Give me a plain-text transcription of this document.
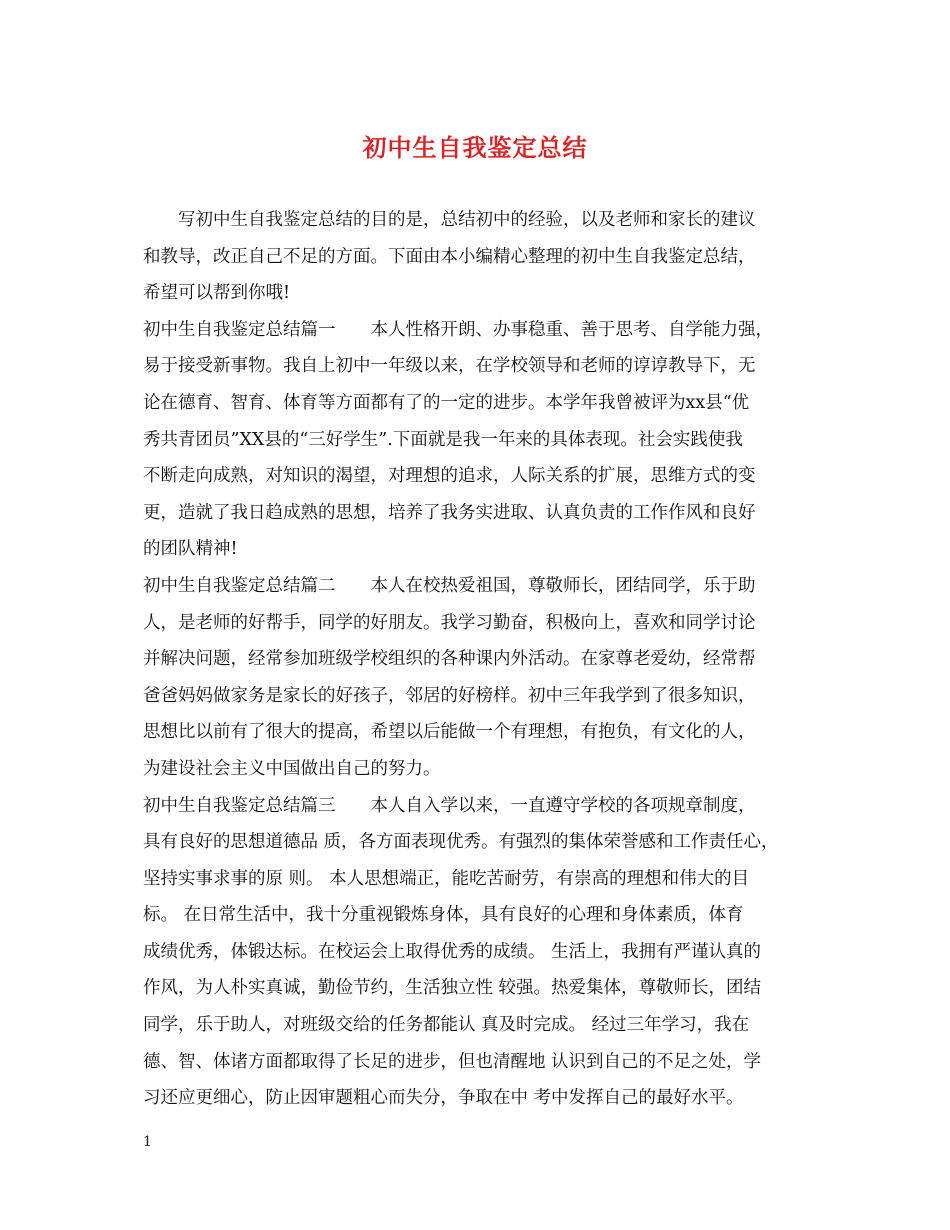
初中生自我鉴定总结
写初中生自我鉴定总结的目的是，总结初中的经验，以及老师和家长的建议
和教导，改正自己不足的方面。下面由本小编精心整理的初中生自我鉴定总结，
希望可以帮到你哦!
初中生自我鉴定总结篇一　　本人性格开朗、办事稳重、善于思考、自学能力强，
易于接受新事物。我自上初中一年级以来，在学校领导和老师的谆谆教导下，无
论在德育、智育、体育等方面都有了的一定的进步。本学年我曾被评为xx县“优
秀共青团员”XX县的“三好学生”.下面就是我一年来的具体表现。社会实践使我
不断走向成熟，对知识的渴望，对理想的追求，人际关系的扩展，思维方式的变
更，造就了我日趋成熟的思想，培养了我务实进取、认真负责的工作作风和良好
的团队精神!
初中生自我鉴定总结篇二　　本人在校热爱祖国，尊敬师长，团结同学，乐于助
人，是老师的好帮手，同学的好朋友。我学习勤奋，积极向上，喜欢和同学讨论
并解决问题，经常参加班级学校组织的各种课内外活动。在家尊老爱幼，经常帮
爸爸妈妈做家务是家长的好孩子，邻居的好榜样。初中三年我学到了很多知识，
思想比以前有了很大的提高，希望以后能做一个有理想，有抱负，有文化的人，
为建设社会主义中国做出自己的努力。
初中生自我鉴定总结篇三　　本人自入学以来，一直遵守学校的各项规章制度，
具有良好的思想道德品 质，各方面表现优秀。有强烈的集体荣誉感和工作责任心，
坚持实事求事的原 则。 本人思想端正，能吃苦耐劳，有崇高的理想和伟大的目
标。 在日常生活中，我十分重视锻炼身体，具有良好的心理和身体素质，体育
成绩优秀，体锻达标。在校运会上取得优秀的成绩。 生活上，我拥有严谨认真的
作风，为人朴实真诚，勤俭节约，生活独立性 较强。热爱集体，尊敬师长，团结
同学，乐于助人，对班级交给的任务都能认 真及时完成。 经过三年学习，我在
德、智、体诸方面都取得了长足的进步，但也清醒地 认识到自己的不足之处，学
习还应更细心，防止因审题粗心而失分，争取在中 考中发挥自己的最好水平。
1
